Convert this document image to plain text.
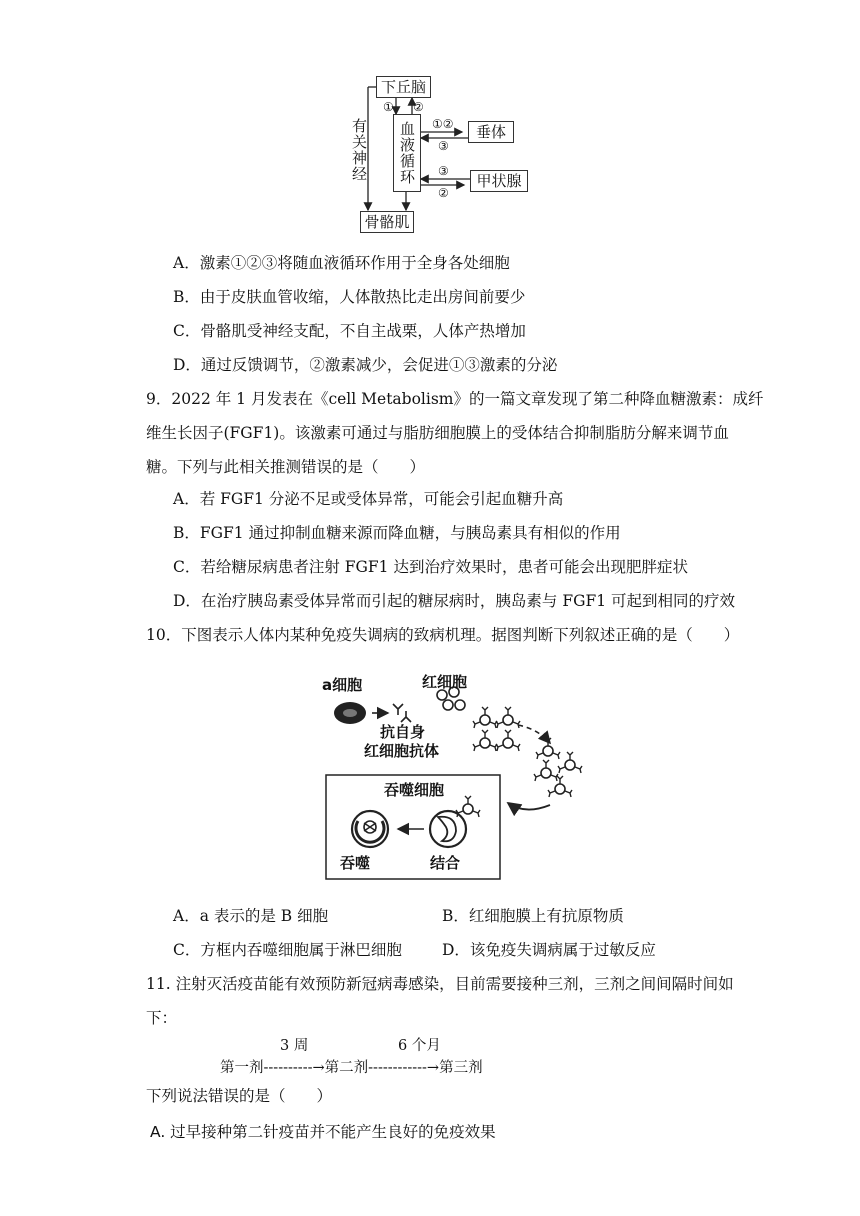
下丘脑
血液循环	垂体
甲状腺
骨骼肌
有关神经
① ②
①②
③
③
②
A．激素①②③将随血液循环作用于全身各处细胞
B．由于皮肤血管收缩，人体散热比走出房间前要少
C．骨骼肌受神经支配，不自主战栗，人体产热增加
D．通过反馈调节，②激素减少，会促进①③激素的分泌
9．2022 年 1 月发表在《cell Metabolism》的一篇文章发现了第二种降血糖激素：成纤
维生长因子(FGF1)。该激素可通过与脂肪细胞膜上的受体结合抑制脂肪分解来调节血
糖。下列与此相关推测错误的是（　　）
A．若 FGF1 分泌不足或受体异常，可能会引起血糖升高
B．FGF1 通过抑制血糖来源而降血糖，与胰岛素具有相似的作用
C．若给糖尿病患者注射 FGF1 达到治疗效果时，患者可能会出现肥胖症状
D．在治疗胰岛素受体异常而引起的糖尿病时，胰岛素与 FGF1 可起到相同的疗效
10．下图表示人体内某种免疫失调病的致病机理。据图判断下列叙述正确的是（　　）
a细胞	红细胞
抗自身
红细胞抗体
吞噬细胞
吞噬	结合
A．a 表示的是 B 细胞	B．红细胞膜上有抗原物质
C．方框内吞噬细胞属于淋巴细胞	D．该免疫失调病属于过敏反应
11. 注射灭活疫苗能有效预防新冠病毒感染，目前需要接种三剂，三剂之间间隔时间如
下：
3 周	6 个月
第一剂----------→第二剂------------→第三剂
下列说法错误的是（　　）
A. 过早接种第二针疫苗并不能产生良好的免疫效果
